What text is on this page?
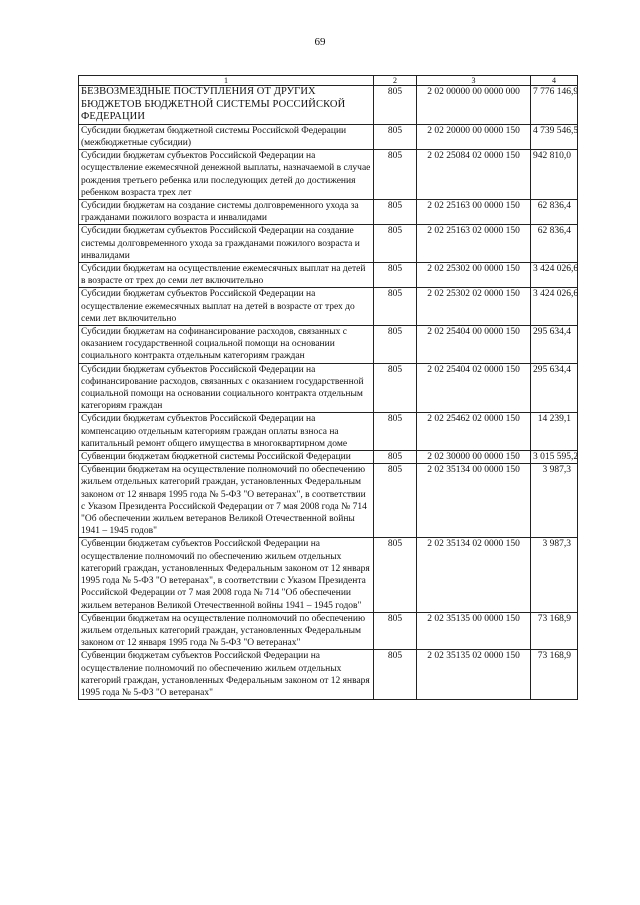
69
1	2	3	4
БЕЗВОЗМЕЗДНЫЕ ПОСТУПЛЕНИЯ ОТ ДРУГИХ БЮДЖЕТОВ БЮДЖЕТНОЙ СИСТЕМЫ РОССИЙСКОЙ ФЕДЕРАЦИИ	805	2 02 00000 00 0000 000	7 776 146,9
Субсидии бюджетам бюджетной системы Российской Федерации (межбюджетные субсидии)	805	2 02 20000 00 0000 150	4 739 546,5
Субсидии бюджетам субъектов Российской Федерации на осуществление ежемесячной денежной выплаты, назначаемой в случае рождения третьего ребенка или последующих детей до достижения ребенком возраста трех лет	805	2 02 25084 02 0000 150	942 810,0
Субсидии бюджетам на создание системы долговременного ухода за гражданами пожилого возраста и инвалидами	805	2 02 25163 00 0000 150	62 836,4
Субсидии бюджетам субъектов Российской Федерации на создание системы долговременного ухода за гражданами пожилого возраста и инвалидами	805	2 02 25163 02 0000 150	62 836,4
Субсидии бюджетам на осуществление ежемесячных выплат на детей в возрасте от трех до семи лет включительно	805	2 02 25302 00 0000 150	3 424 026,6
Субсидии бюджетам субъектов Российской Федерации на осуществление ежемесячных выплат на детей в возрасте от трех до семи лет включительно	805	2 02 25302 02 0000 150	3 424 026,6
Субсидии бюджетам на софинансирование расходов, связанных с оказанием государственной социальной помощи на основании социального контракта отдельным категориям граждан	805	2 02 25404 00 0000 150	295 634,4
Субсидии бюджетам субъектов Российской Федерации на софинансирование расходов, связанных с оказанием государственной социальной помощи на основании социального контракта отдельным категориям граждан	805	2 02 25404 02 0000 150	295 634,4
Субсидии бюджетам субъектов Российской Федерации на компенсацию отдельным категориям граждан оплаты взноса на капитальный ремонт общего имущества в многоквартирном доме	805	2 02 25462 02 0000 150	14 239,1
Субвенции бюджетам бюджетной системы Российской Федерации	805	2 02 30000 00 0000 150	3 015 595,2
Субвенции бюджетам на осуществление полномочий по обеспечению жильем отдельных категорий граждан, установленных Федеральным законом от 12 января 1995 года № 5-ФЗ "О ветеранах", в соответствии с Указом Президента Российской Федерации от 7 мая 2008 года № 714 "Об обеспечении жильем ветеранов Великой Отечественной войны 1941 – 1945 годов"	805	2 02 35134 00 0000 150	3 987,3
Субвенции бюджетам субъектов Российской Федерации на осуществление полномочий по обеспечению жильем отдельных категорий граждан, установленных Федеральным законом от 12 января 1995 года № 5-ФЗ "О ветеранах", в соответствии с Указом Президента Российской Федерации от 7 мая 2008 года № 714 "Об обеспечении жильем ветеранов Великой Отечественной войны 1941 – 1945 годов"	805	2 02 35134 02 0000 150	3 987,3
Субвенции бюджетам на осуществление полномочий по обеспечению жильем отдельных категорий граждан, установленных Федеральным законом от 12 января 1995 года № 5-ФЗ "О ветеранах"	805	2 02 35135 00 0000 150	73 168,9
Субвенции бюджетам субъектов Российской Федерации на осуществление полномочий по обеспечению жильем отдельных категорий граждан, установленных Федеральным законом от 12 января 1995 года № 5-ФЗ "О ветеранах"	805	2 02 35135 02 0000 150	73 168,9
